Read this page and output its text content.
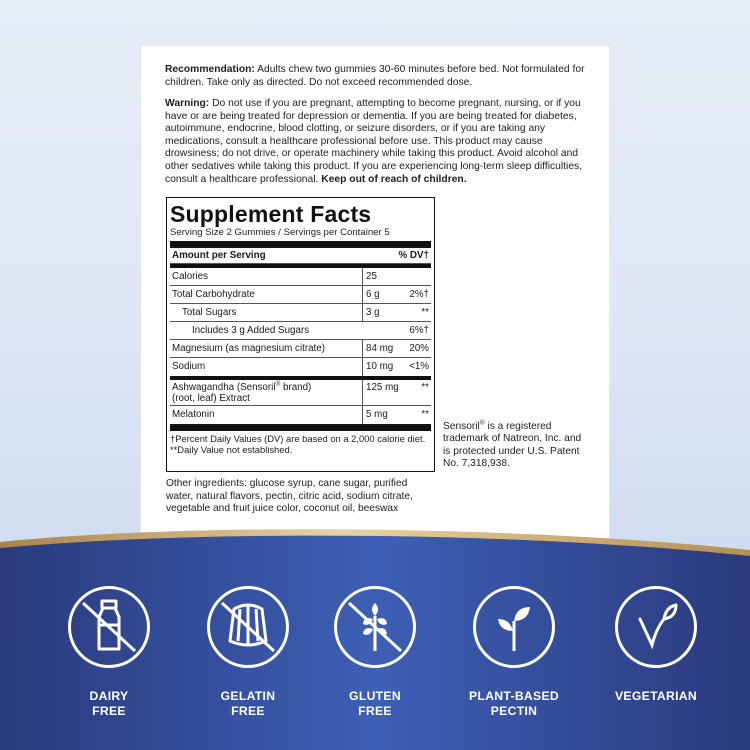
Recommendation: Adults chew two gummies 30-60 minutes before bed. Not formulated for children. Take only as directed. Do not exceed recommended dose.

Warning: Do not use if you are pregnant, attempting to become pregnant, nursing, or if you have or are being treated for depression or dementia. If you are being treated for diabetes, autoimmune, endocrine, blood clotting, or seizure disorders, or if you are taking any medications, consult a healthcare professional before use. This product may cause drowsiness; do not drive, or operate machinery while taking this product. Avoid alcohol and other sedatives while taking this product. If you are experiencing long-term sleep difficulties, consult a healthcare professional. Keep out of reach of children.

Supplement Facts
Serving Size 2 Gummies / Servings per Container 5
Amount per Serving	% DV†
Calories	25
Total Carbohydrate	6 g	2%†
Total Sugars	3 g	**
Includes 3 g Added Sugars	6%†
Magnesium (as magnesium citrate)	84 mg 20%
Sodium	10 mg <1%
Ashwagandha (Sensoril® brand)
(root, leaf) Extract
125 mg **
Melatonin	5 mg	**
†Percent Daily Values (DV) are based on a 2,000 calorie diet.
**Daily Value not established.

Other ingredients: glucose syrup, cane sugar, purified water, natural flavors, pectin, citric acid, sodium citrate, vegetable and fruit juice color, coconut oil, beeswax

Sensoril® is a registered trademark of Natreon, Inc. and is protected under U.S. Patent No. 7,318,938.

DAIRY
FREE
GELATIN
FREE
GLUTEN
FREE
PLANT-BASED
PECTIN
VEGETARIAN
